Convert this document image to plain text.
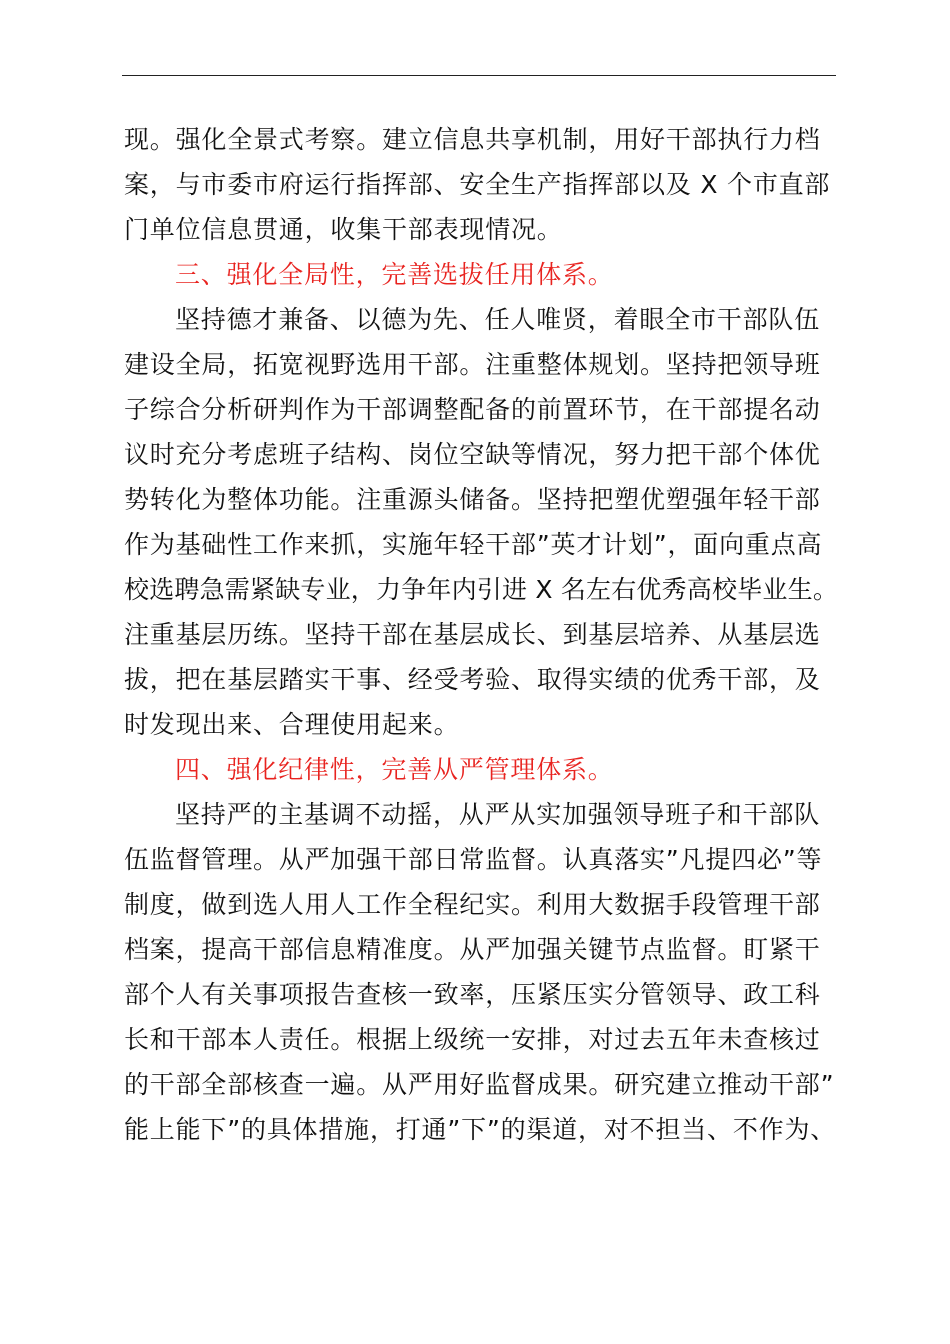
现。强化全景式考察。建立信息共享机制，用好干部执行力档
案，与市委市府运行指挥部、安全生产指挥部以及 X 个市直部
门单位信息贯通，收集干部表现情况。
三、强化全局性，完善选拔任用体系。
坚持德才兼备、以德为先、任人唯贤，着眼全市干部队伍
建设全局，拓宽视野选用干部。注重整体规划。坚持把领导班
子综合分析研判作为干部调整配备的前置环节，在干部提名动
议时充分考虑班子结构、岗位空缺等情况，努力把干部个体优
势转化为整体功能。注重源头储备。坚持把塑优塑强年轻干部
作为基础性工作来抓，实施年轻干部”英才计划”，面向重点高
校选聘急需紧缺专业，力争年内引进 X 名左右优秀高校毕业生。
注重基层历练。坚持干部在基层成长、到基层培养、从基层选
拔，把在基层踏实干事、经受考验、取得实绩的优秀干部，及
时发现出来、合理使用起来。
四、强化纪律性，完善从严管理体系。
坚持严的主基调不动摇，从严从实加强领导班子和干部队
伍监督管理。从严加强干部日常监督。认真落实”凡提四必”等
制度，做到选人用人工作全程纪实。利用大数据手段管理干部
档案，提高干部信息精准度。从严加强关键节点监督。盯紧干
部个人有关事项报告查核一致率，压紧压实分管领导、政工科
长和干部本人责任。根据上级统一安排，对过去五年未查核过
的干部全部核查一遍。从严用好监督成果。研究建立推动干部”
能上能下”的具体措施，打通”下”的渠道，对不担当、不作为、
